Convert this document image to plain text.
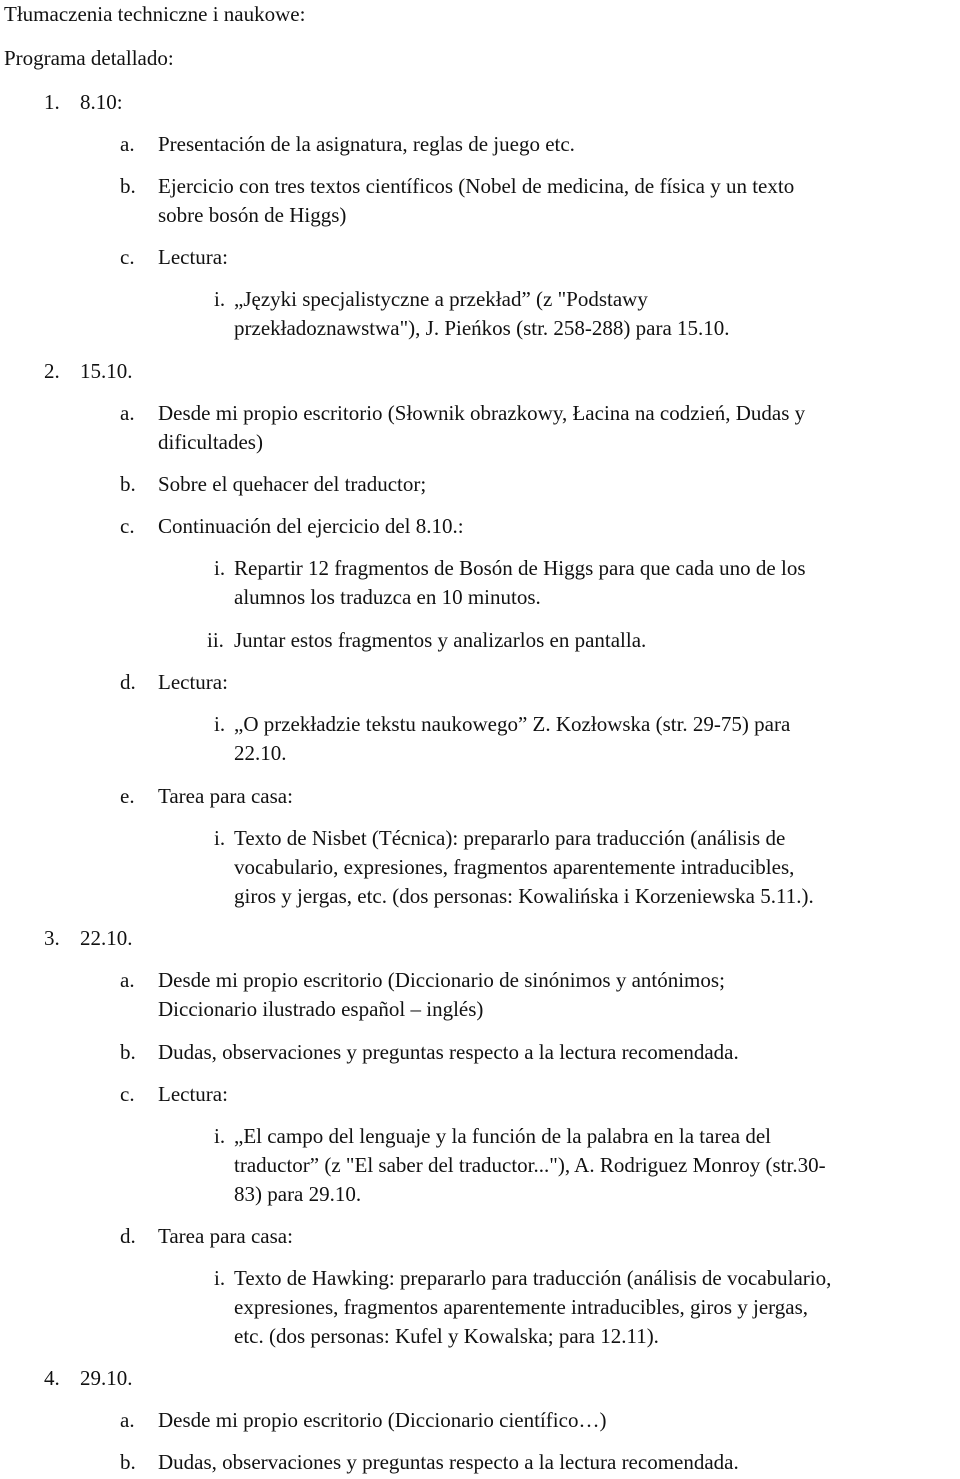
Tłumaczenia techniczne i naukowe:
Programa detallado:
1. 8.10:
a. Presentación de la asignatura, reglas de juego etc.
b. Ejercicio con tres textos científicos (Nobel de medicina, de física y un texto
sobre bosón de Higgs)
c. Lectura:
i. „Języki specjalistyczne a przekład” (z "Podstawy
przekładoznawstwa"), J. Pieńkos (str. 258-288) para 15.10.
2. 15.10.
a. Desde mi propio escritorio (Słownik obrazkowy, Łacina na codzień, Dudas y
dificultades)
b. Sobre el quehacer del traductor;
c. Continuación del ejercicio del 8.10.:
i. Repartir 12 fragmentos de Bosón de Higgs para que cada uno de los
alumnos los traduzca en 10 minutos.
ii. Juntar estos fragmentos y analizarlos en pantalla.
d. Lectura:
i. „O przekładzie tekstu naukowego” Z. Kozłowska (str. 29-75) para
22.10.
e. Tarea para casa:
i. Texto de Nisbet (Técnica): prepararlo para traducción (análisis de
vocabulario, expresiones, fragmentos aparentemente intraducibles,
giros y jergas, etc. (dos personas: Kowalińska i Korzeniewska 5.11.).
3. 22.10.
a. Desde mi propio escritorio (Diccionario de sinónimos y antónimos;
Diccionario ilustrado español – inglés)
b. Dudas, observaciones y preguntas respecto a la lectura recomendada.
c. Lectura:
i. „El campo del lenguaje y la función de la palabra en la tarea del
traductor” (z "El saber del traductor..."), A. Rodriguez Monroy (str.30-
83) para 29.10.
d. Tarea para casa:
i. Texto de Hawking: prepararlo para traducción (análisis de vocabulario,
expresiones, fragmentos aparentemente intraducibles, giros y jergas,
etc. (dos personas: Kufel y Kowalska; para 12.11).
4. 29.10.
a. Desde mi propio escritorio (Diccionario científico…)
b. Dudas, observaciones y preguntas respecto a la lectura recomendada.
